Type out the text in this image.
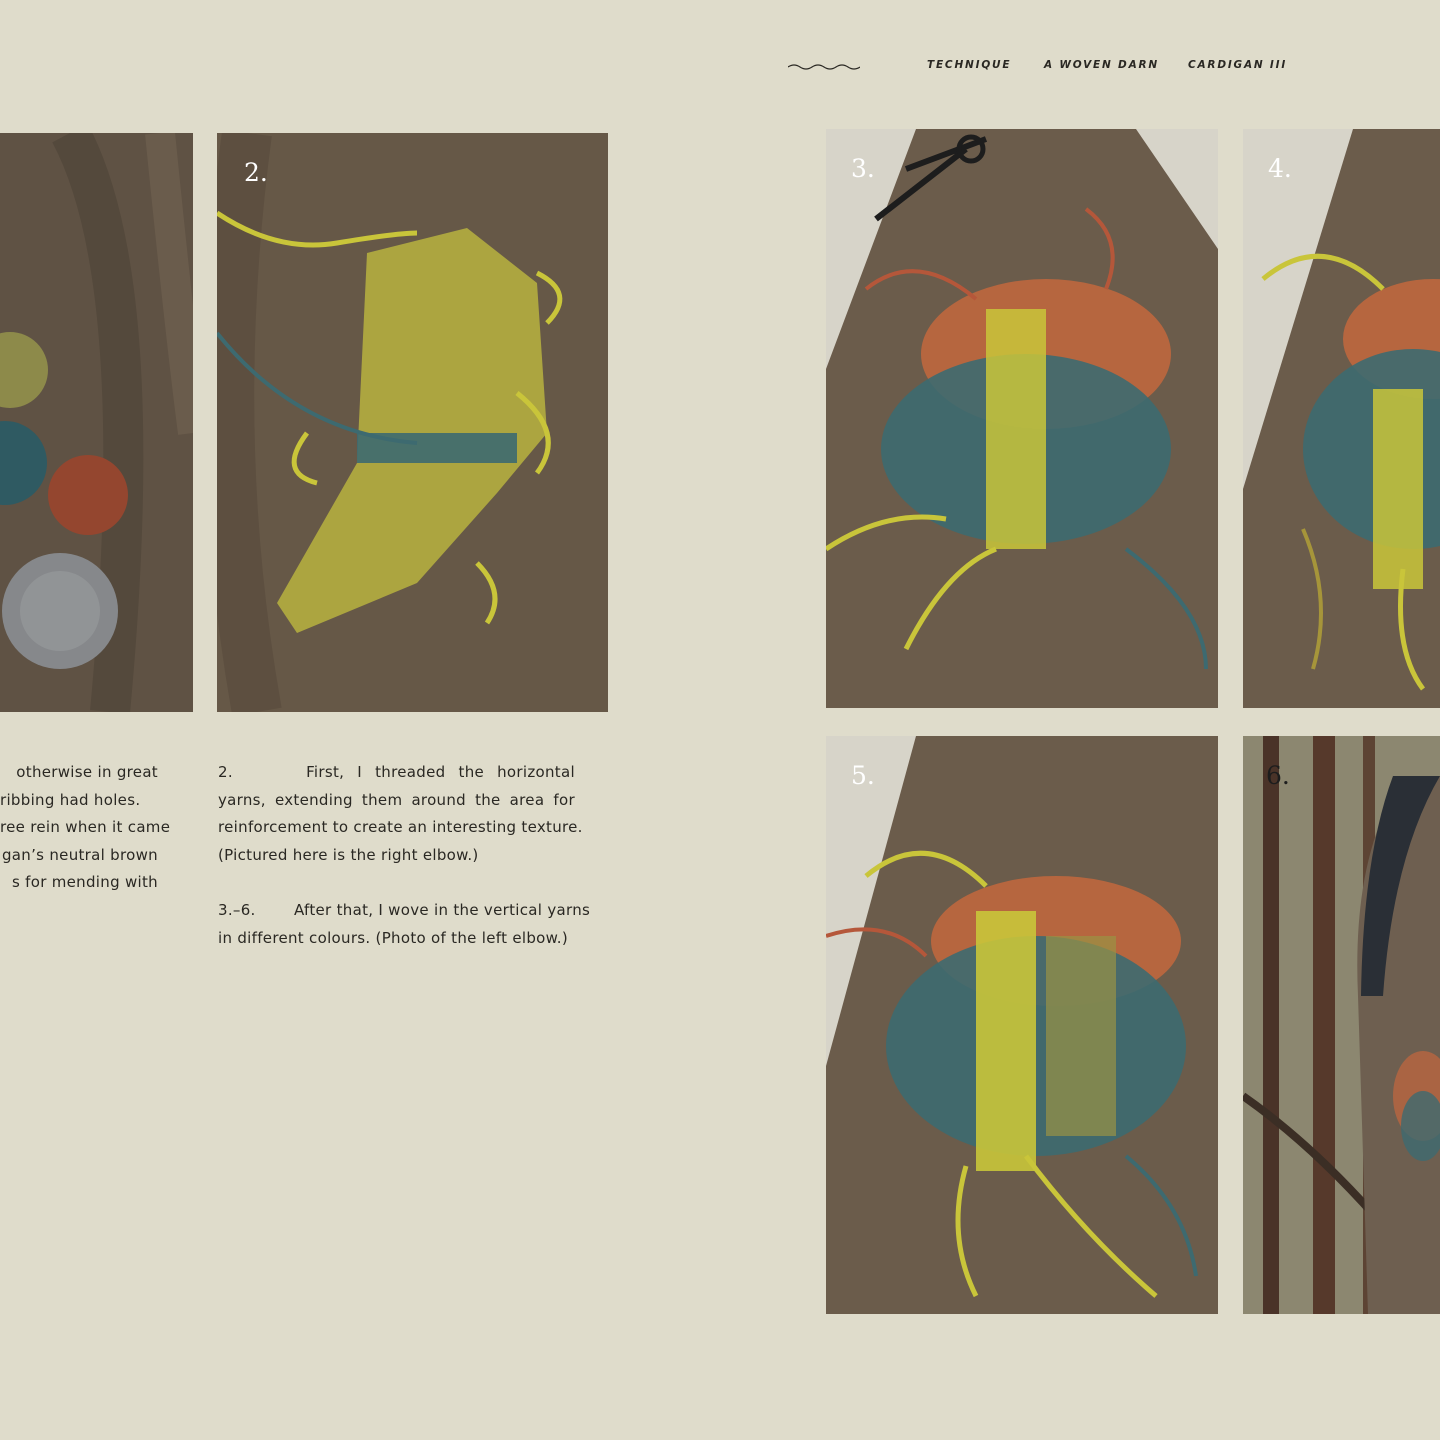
TECHNIQUE	A WOVEN DARN	CARDIGAN III
2.	3.	4.
5.	6.
otherwise in great
ribbing had holes.
ree rein when it came
gan’s neutral brown
s for mending with
2.	First, I threaded the horizontal
yarns, extending them around the area for
reinforcement to create an interesting texture.
(Pictured here is the right elbow.)
3.–6.	After that, I wove in the vertical yarns
in different colours. (Photo of the left elbow.)
